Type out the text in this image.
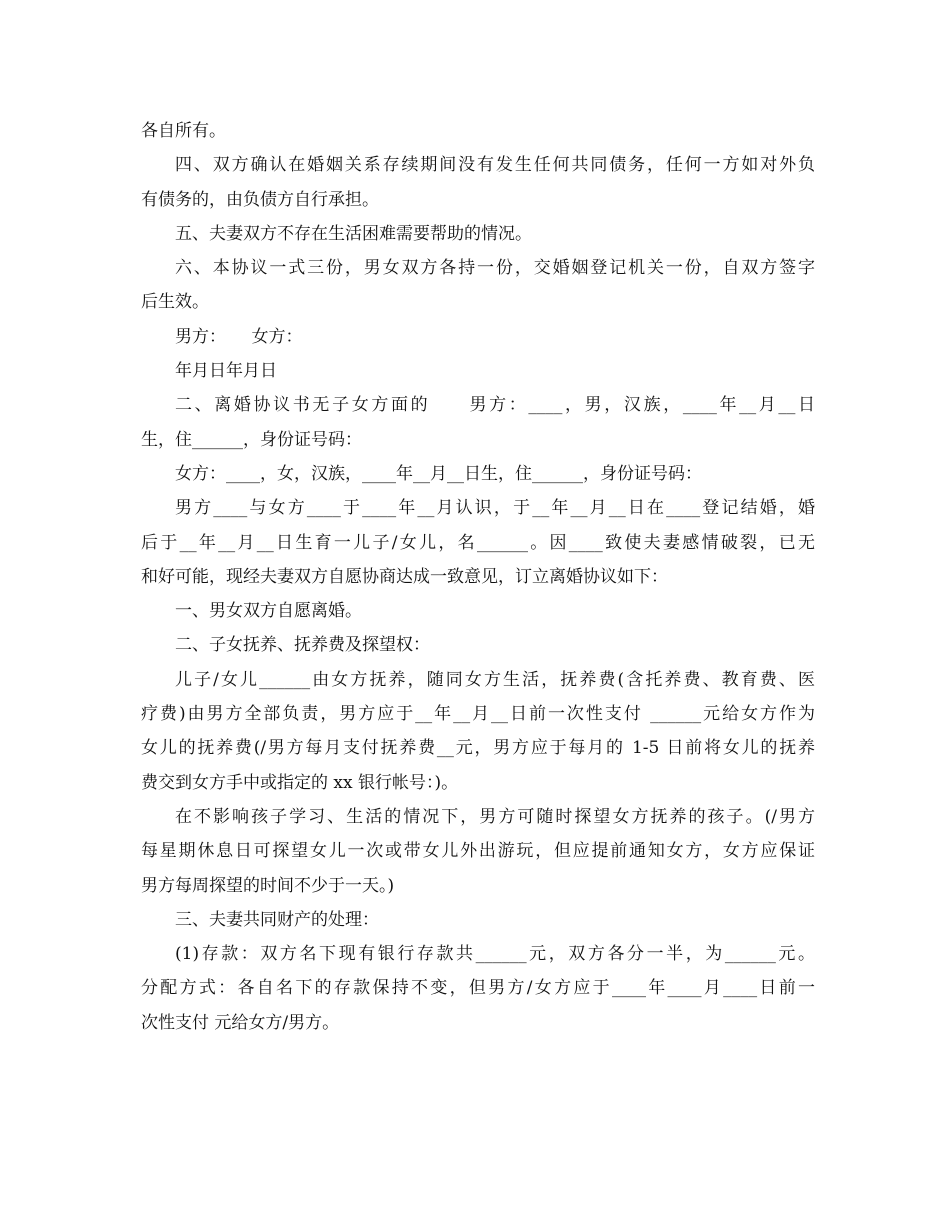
各自所有。
四、双方确认在婚姻关系存续期间没有发生任何共同债务，任何一方如对外负
有债务的，由负债方自行承担。
五、夫妻双方不存在生活困难需要帮助的情况。
六、本协议一式三份，男女双方各持一份，交婚姻登记机关一份，自双方签字
后生效。
男方：　　女方：
年月日年月日
二、离婚协议书无子女方面的　　男方：____，男，汉族，____年__月__日
生，住______，身份证号码：
女方：____，女，汉族，____年__月__日生，住______，身份证号码：
男方____与女方____于____年__月认识，于__年__月__日在____登记结婚，婚
后于__年__月__日生育一儿子/女儿，名______。因____致使夫妻感情破裂，已无
和好可能，现经夫妻双方自愿协商达成一致意见，订立离婚协议如下：
一、男女双方自愿离婚。
二、子女抚养、抚养费及探望权：
儿子/女儿______由女方抚养，随同女方生活，抚养费(含托养费、教育费、医
疗费)由男方全部负责，男方应于__年__月__日前一次性支付 ______元给女方作为
女儿的抚养费(/男方每月支付抚养费__元，男方应于每月的 1-5 日前将女儿的抚养
费交到女方手中或指定的 xx 银行帐号：)。
在不影响孩子学习、生活的情况下，男方可随时探望女方抚养的孩子。(/男方
每星期休息日可探望女儿一次或带女儿外出游玩，但应提前通知女方，女方应保证
男方每周探望的时间不少于一天。)
三、夫妻共同财产的处理：
(1)存款：双方名下现有银行存款共______元，双方各分一半，为______元。
分配方式：各自名下的存款保持不变，但男方/女方应于____年____月____日前一
次性支付 元给女方/男方。
